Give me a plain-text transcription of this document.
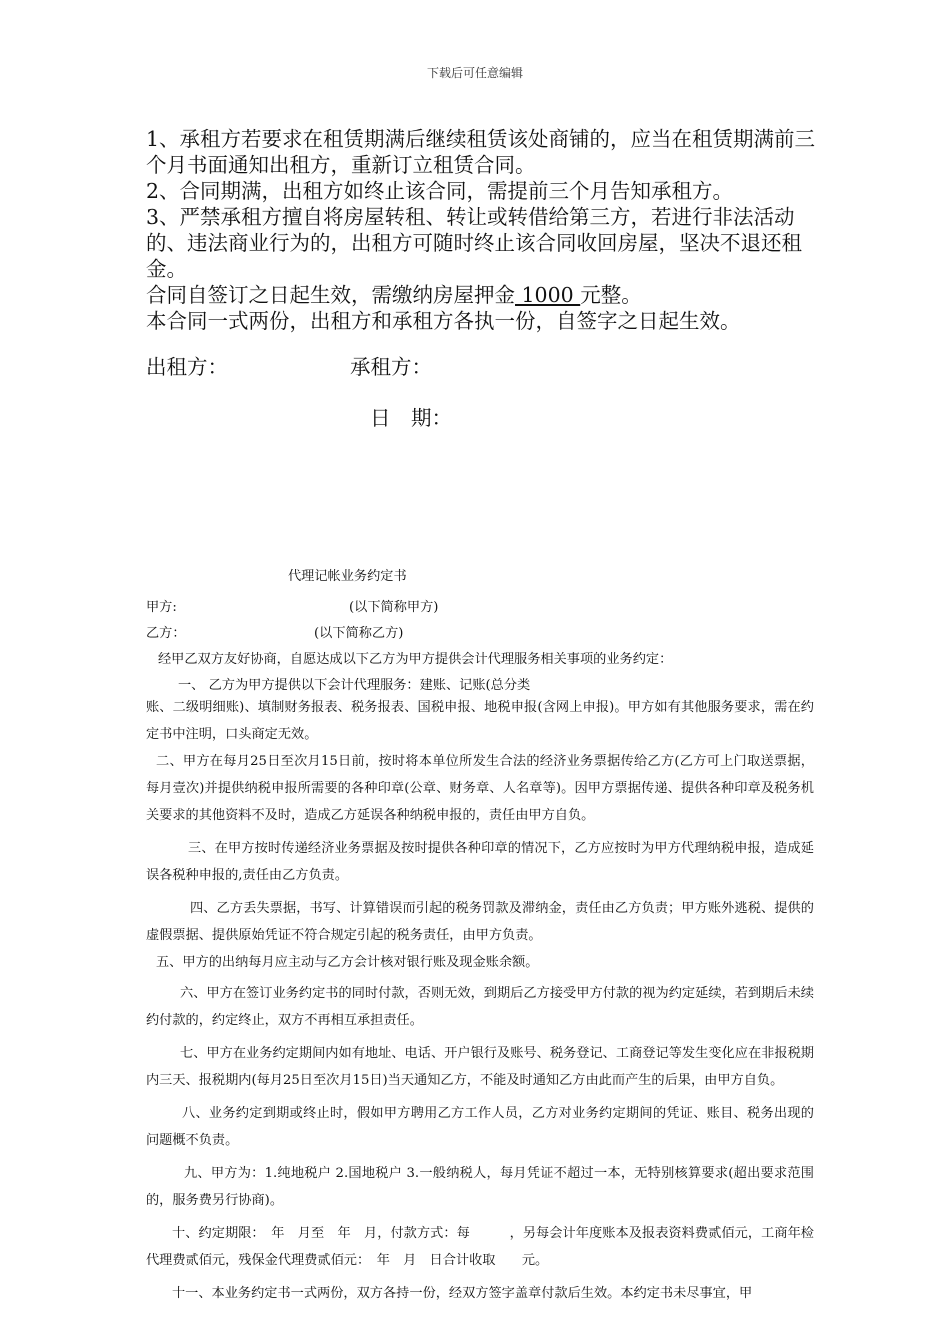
下载后可任意编辑

1、承租方若要求在租赁期满后继续租赁该处商铺的，应当在租赁期满前三个月书面通知出租方，重新订立租赁合同。

2、合同期满，出租方如终止该合同，需提前三个月告知承租方。

3、严禁承租方擅自将房屋转租、转让或转借给第三方，若进行非法活动的、违法商业行为的，出租方可随时终止该合同收回房屋，坚决不退还租金。

合同自签订之日起生效，需缴纳房屋押金 1000 元整。

本合同一式两份，出租方和承租方各执一份，自签字之日起生效。

出租方：	承租方：
日　期：
代理记帐业务约定书
甲方:	(以下简称甲方)
乙方：	(以下简称乙方)
经甲乙双方友好协商，自愿达成以下乙方为甲方提供会计代理服务相关事项的业务约定：
一、 乙方为甲方提供以下会计代理服务：建账、记账(总分类

账、二级明细账)、填制财务报表、税务报表、国税申报、地税申报(含网上申报)。甲方如有其他服务要求，需在约定书中注明，口头商定无效。

二、甲方在每月25日至次月15日前，按时将本单位所发生合法的经济业务票据传给乙方(乙方可上门取送票据，每月壹次)并提供纳税申报所需要的各种印章(公章、财务章、人名章等)。因甲方票据传递、提供各种印章及税务机关要求的其他资料不及时，造成乙方延误各种纳税申报的，责任由甲方自负。

三、在甲方按时传递经济业务票据及按时提供各种印章的情况下，乙方应按时为甲方代理纳税申报，造成延误各税种申报的,责任由乙方负责。

四、乙方丢失票据，书写、计算错误而引起的税务罚款及滞纳金，责任由乙方负责；甲方账外逃税、提供的虚假票据、提供原始凭证不符合规定引起的税务责任，由甲方负责。

五、甲方的出纳每月应主动与乙方会计核对银行账及现金账余额。

六、甲方在签订业务约定书的同时付款，否则无效，到期后乙方接受甲方付款的视为约定延续，若到期后未续约付款的，约定终止，双方不再相互承担责任。

七、甲方在业务约定期间内如有地址、电话、开户银行及账号、税务登记、工商登记等发生变化应在非报税期内三天、报税期内(每月25日至次月15日)当天通知乙方，不能及时通知乙方由此而产生的后果，由甲方自负。

八、业务约定到期或终止时，假如甲方聘用乙方工作人员，乙方对业务约定期间的凭证、账目、税务出现的问题概不负责。

九、甲方为：1.纯地税户 2.国地税户 3.一般纳税人，每月凭证不超过一本，无特别核算要求(超出要求范围的，服务费另行协商)。

十、约定期限：　年　月至　年　月，付款方式：每　　　，另每会计年度账本及报表资料费贰佰元，工商年检代理费贰佰元，残保金代理费贰佰元：　年　月　日合计收取　　元。

十一、本业务约定书一式两份，双方各持一份，经双方签字盖章付款后生效。本约定书未尽事宜，甲
